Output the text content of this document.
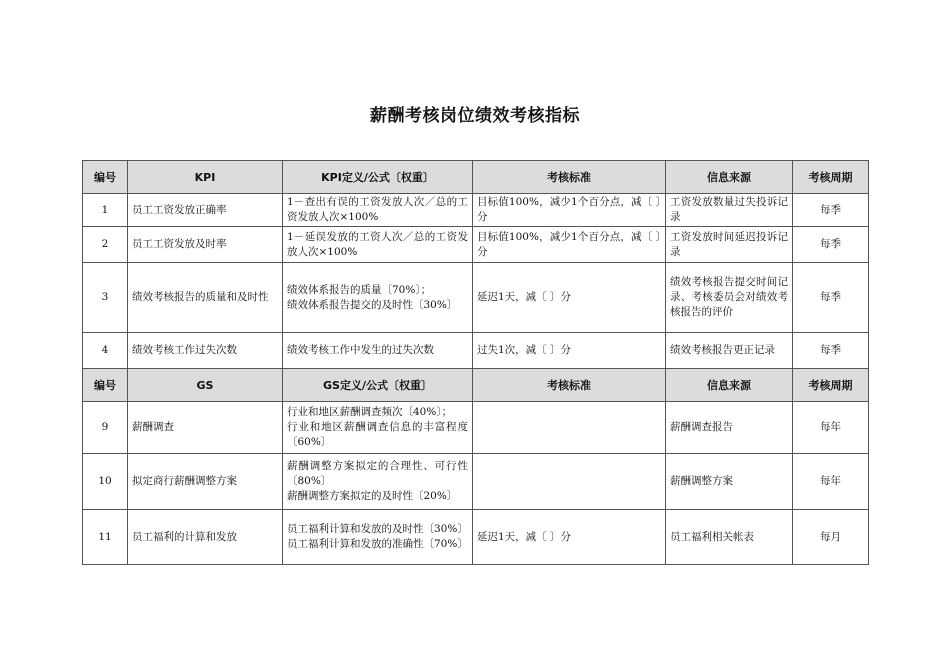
薪酬考核岗位绩效考核指标
编号	KPI	KPI定义/公式〔权重〕	考核标准	信息来源	考核周期
1	员工工资发放正确率	1－查出有误的工资发放人次／总的工资发放人次×100%	目标值100%，减少1个百分点，减〔 〕分	工资发放数量过失投诉记录	每季
2	员工工资发放及时率	1－延误发放的工资人次／总的工资发放人次×100%	目标值100%，减少1个百分点，减〔 〕分	工资发放时间延迟投诉记录	每季
3	绩效考核报告的质量和及时性	绩效体系报告的质量〔70%〕；
绩效体系报告提交的及时性〔30%〕	延迟1天，减〔 〕分	绩效考核报告提交时间记录、考核委员会对绩效考核报告的评价	每季
4	绩效考核工作过失次数	绩效考核工作中发生的过失次数	过失1次，减〔 〕分	绩效考核报告更正记录	每季
编号	GS	GS定义/公式〔权重〕	考核标准	信息来源	考核周期
9	薪酬调查	行业和地区薪酬调查频次〔40%〕；
行业和地区薪酬调查信息的丰富程度〔60%〕		薪酬调查报告	每年
10	拟定商行薪酬调整方案	薪酬调整方案拟定的合理性、可行性〔80%〕
薪酬调整方案拟定的及时性〔20%〕		薪酬调整方案	每年
11	员工福利的计算和发放	员工福利计算和发放的及时性〔30%〕
员工福利计算和发放的准确性〔70%〕	延迟1天，减〔 〕分	员工福利相关帐表	每月
